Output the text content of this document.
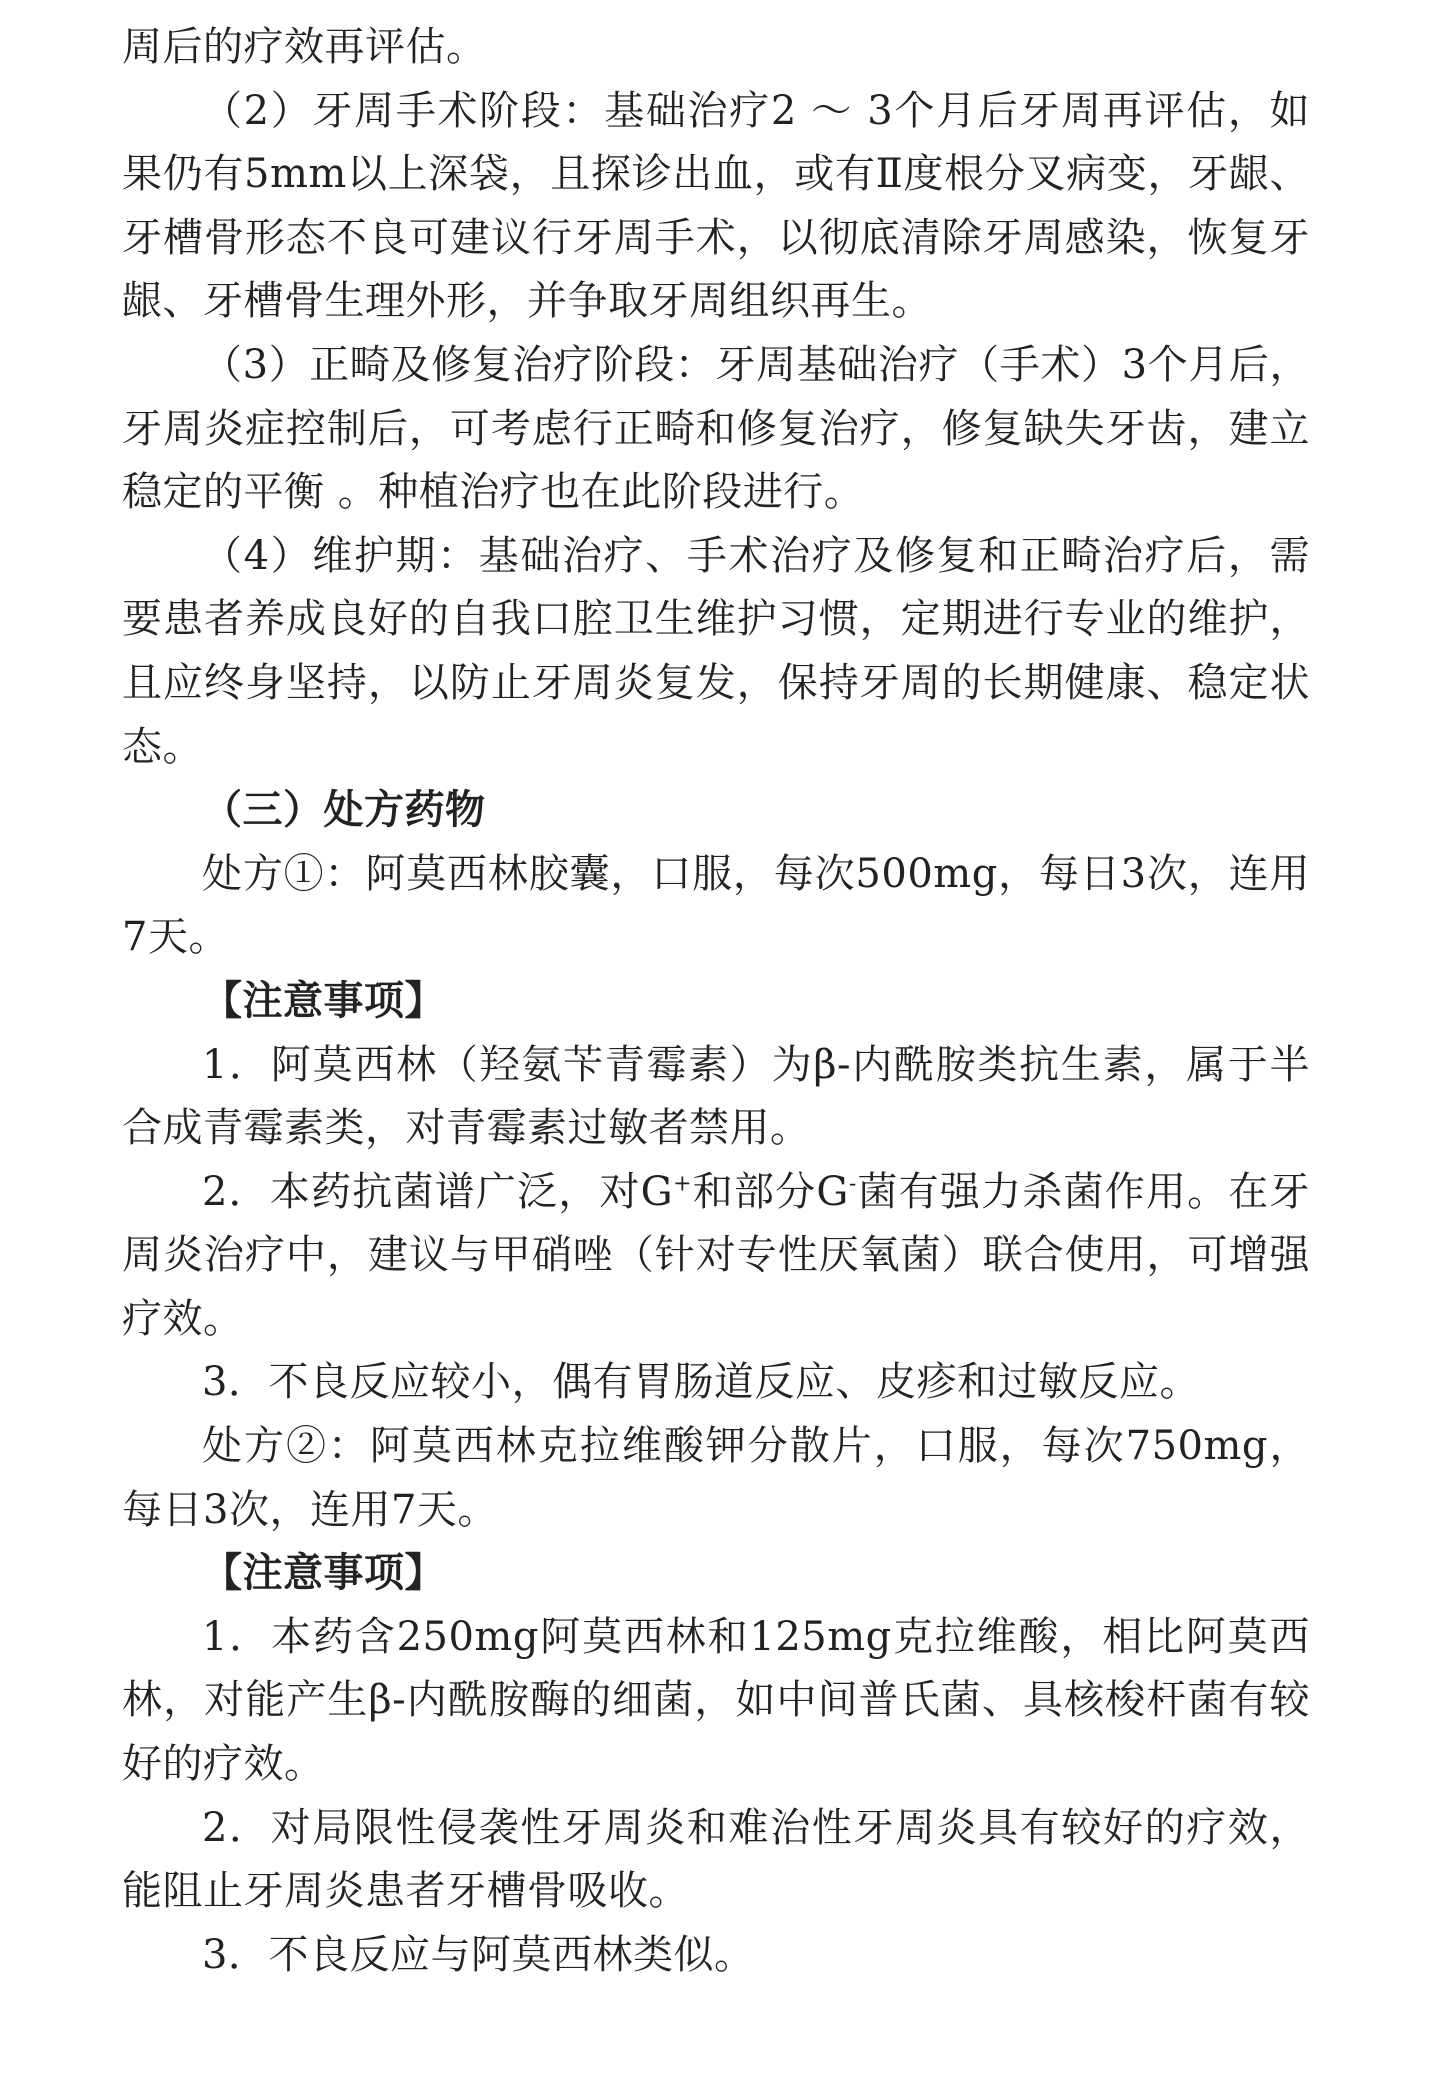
周后的疗效再评估。

（2）牙周手术阶段：基础治疗2 ～ 3个月后牙周再评估，如果仍有5mm以上深袋，且探诊出血，或有Ⅱ度根分叉病变，牙龈、牙槽骨形态不良可建议行牙周手术，以彻底清除牙周感染，恢复牙龈、牙槽骨生理外形，并争取牙周组织再生。

（3）正畸及修复治疗阶段：牙周基础治疗（手术）3个月后，牙周炎症控制后，可考虑行正畸和修复治疗，修复缺失牙齿，建立稳定的平衡 。种植治疗也在此阶段进行。

（4）维护期：基础治疗、手术治疗及修复和正畸治疗后，需要患者养成良好的自我口腔卫生维护习惯，定期进行专业的维护，且应终身坚持，以防止牙周炎复发，保持牙周的长期健康、稳定状态。

（三）处方药物

处方①：阿莫西林胶囊，口服，每次500mg，每日3次，连用7天。

【注意事项】

1．阿莫西林（羟氨苄青霉素）为β-内酰胺类抗生素，属于半合成青霉素类，对青霉素过敏者禁用。

2．本药抗菌谱广泛，对G+和部分G-菌有强力杀菌作用。在牙周炎治疗中，建议与甲硝唑（针对专性厌氧菌）联合使用，可增强疗效。

3．不良反应较小，偶有胃肠道反应、皮疹和过敏反应。

处方②：阿莫西林克拉维酸钾分散片，口服，每次750mg，每日3次，连用7天。

【注意事项】

1．本药含250mg阿莫西林和125mg克拉维酸，相比阿莫西林，对能产生β-内酰胺酶的细菌，如中间普氏菌、具核梭杆菌有较好的疗效。

2．对局限性侵袭性牙周炎和难治性牙周炎具有较好的疗效，能阻止牙周炎患者牙槽骨吸收。

3．不良反应与阿莫西林类似。
